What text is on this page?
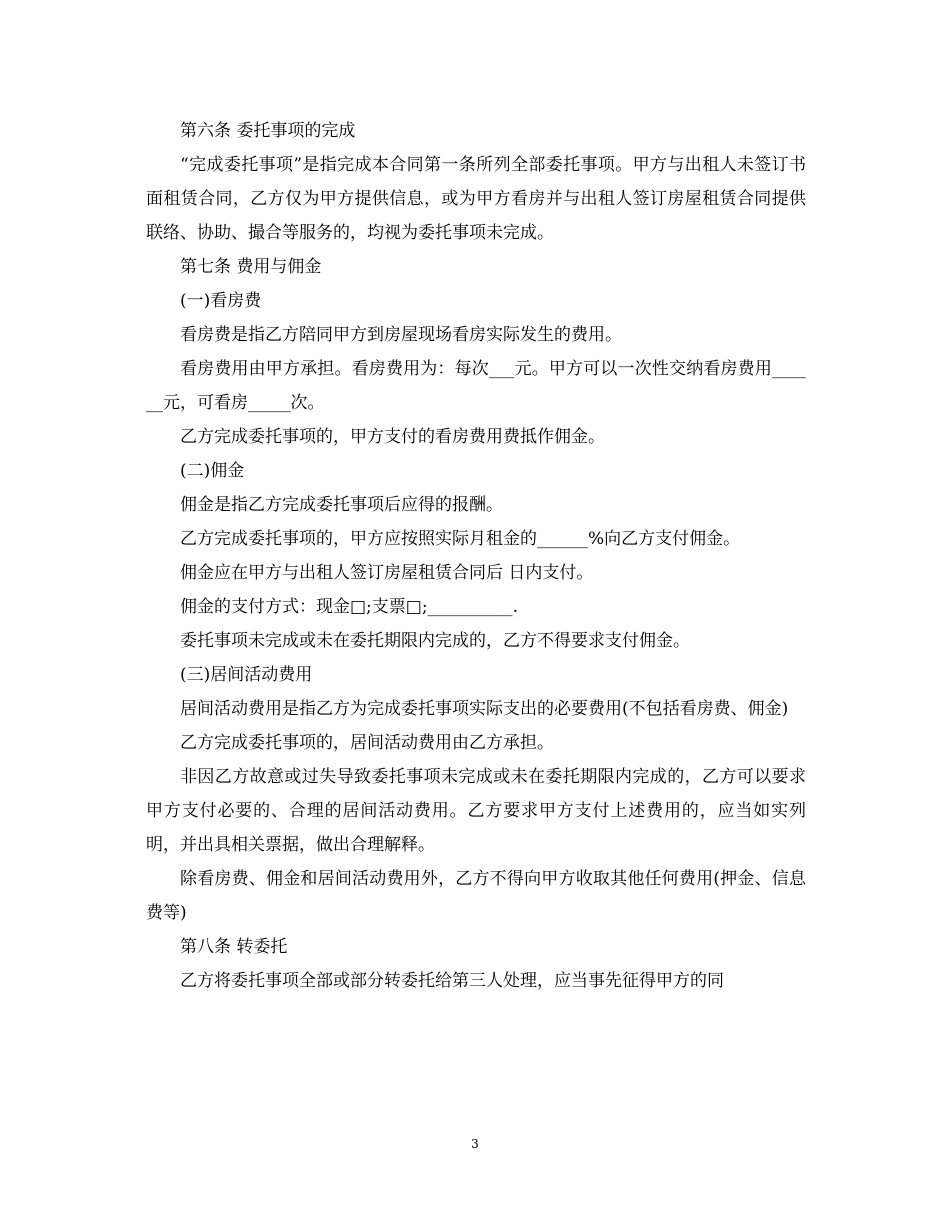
第六条 委托事项的完成

“完成委托事项”是指完成本合同第一条所列全部委托事项。甲方与出租人未签订书面租赁合同，乙方仅为甲方提供信息，或为甲方看房并与出租人签订房屋租赁合同提供联络、协助、撮合等服务的，均视为委托事项未完成。

第七条 费用与佣金

(一)看房费

看房费是指乙方陪同甲方到房屋现场看房实际发生的费用。

看房费用由甲方承担。看房费用为：每次___元。甲方可以一次性交纳看房费用______元，可看房_____次。

乙方完成委托事项的，甲方支付的看房费用费抵作佣金。

(二)佣金

佣金是指乙方完成委托事项后应得的报酬。

乙方完成委托事项的，甲方应按照实际月租金的______%向乙方支付佣金。

佣金应在甲方与出租人签订房屋租赁合同后 日内支付。

佣金的支付方式：现金□;支票□;__________.

委托事项未完成或未在委托期限内完成的，乙方不得要求支付佣金。

(三)居间活动费用

居间活动费用是指乙方为完成委托事项实际支出的必要费用(不包括看房费、佣金)

乙方完成委托事项的，居间活动费用由乙方承担。

非因乙方故意或过失导致委托事项未完成或未在委托期限内完成的，乙方可以要求甲方支付必要的、合理的居间活动费用。乙方要求甲方支付上述费用的，应当如实列明，并出具相关票据，做出合理解释。

除看房费、佣金和居间活动费用外，乙方不得向甲方收取其他任何费用(押金、信息费等)

第八条 转委托

乙方将委托事项全部或部分转委托给第三人处理，应当事先征得甲方的同

3
